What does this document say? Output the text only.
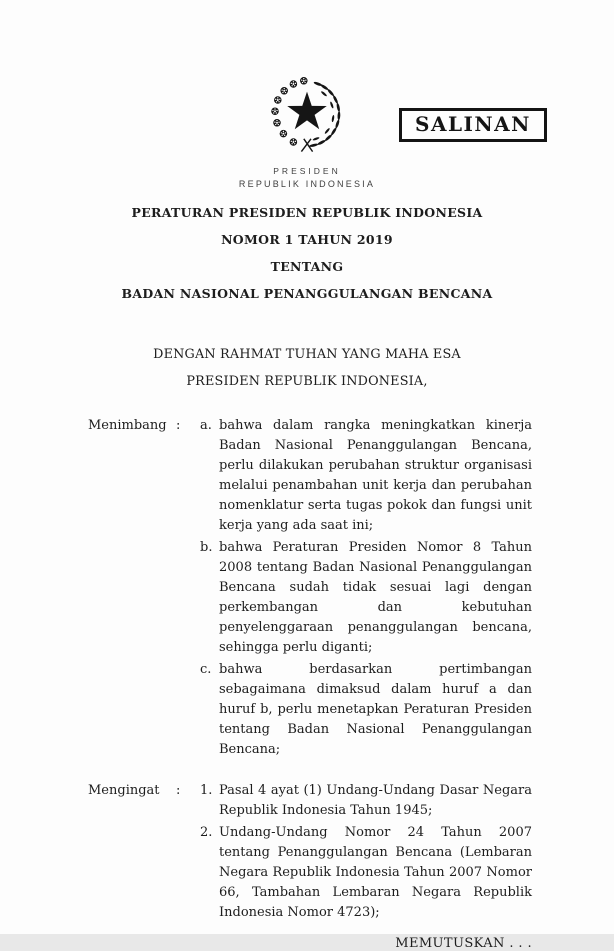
SALINAN
PRESIDEN
REPUBLIK INDONESIA
PERATURAN PRESIDEN REPUBLIK INDONESIA
NOMOR 1 TAHUN 2019
TENTANG
BADAN NASIONAL PENANGGULANGAN BENCANA
DENGAN RAHMAT TUHAN YANG MAHA ESA
PRESIDEN REPUBLIK INDONESIA,
Menimbang :	a. bahwa dalam rangka meningkatkan kinerja Badan Nasional Penanggulangan Bencana, perlu dilakukan perubahan struktur organisasi melalui penambahan unit kerja dan perubahan nomenklatur serta tugas pokok dan fungsi unit kerja yang ada saat ini;
b. bahwa Peraturan Presiden Nomor 8 Tahun 2008 tentang Badan Nasional Penanggulangan Bencana sudah tidak sesuai lagi dengan perkembangan dan kebutuhan penyelenggaraan penanggulangan bencana, sehingga perlu diganti;
c. bahwa berdasarkan pertimbangan sebagaimana dimaksud dalam huruf a dan huruf b, perlu menetapkan Peraturan Presiden tentang Badan Nasional Penanggulangan Bencana;
Mengingat	:	1. Pasal 4 ayat (1) Undang-Undang Dasar Negara Republik Indonesia Tahun 1945;
2. Undang-Undang Nomor 24 Tahun 2007 tentang Penanggulangan Bencana (Lembaran Negara Republik Indonesia Tahun 2007 Nomor 66, Tambahan Lembaran Negara Republik Indonesia Nomor 4723);
MEMUTUSKAN . . .
